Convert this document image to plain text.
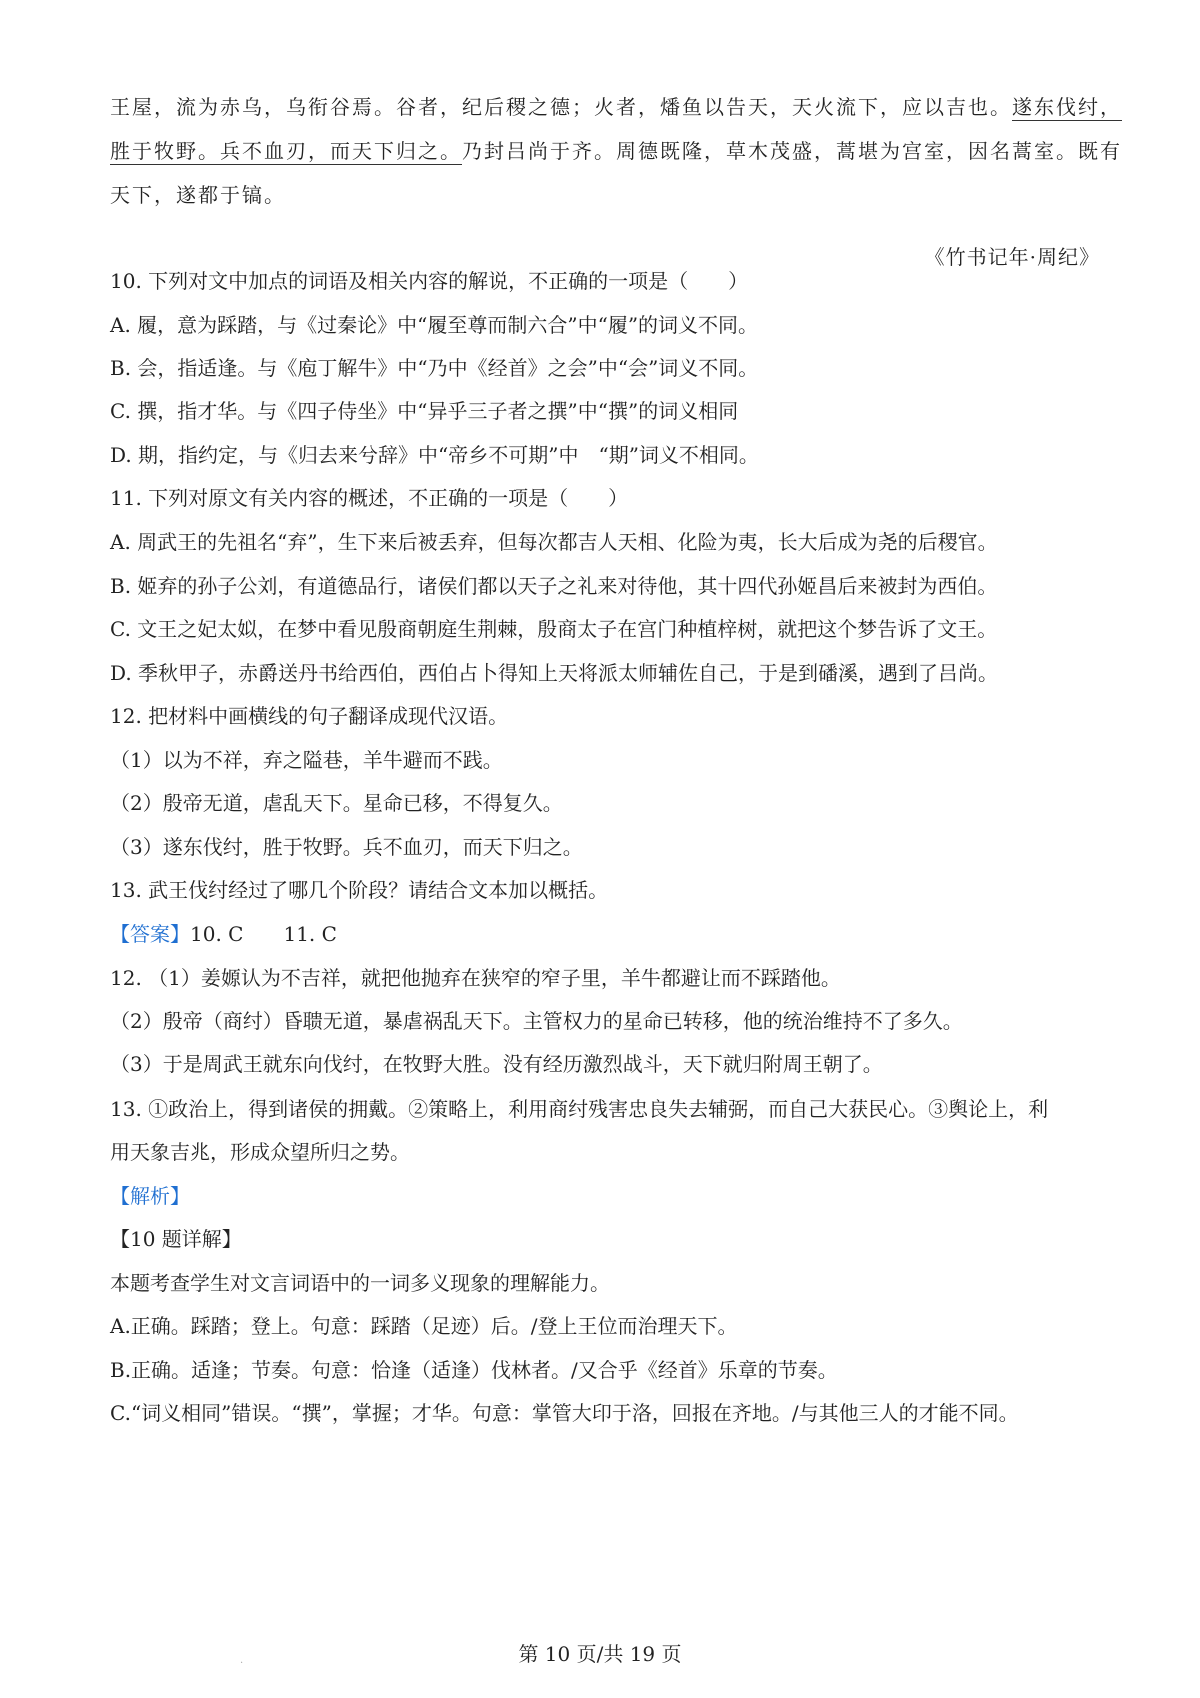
王屋，流为赤乌，乌衔谷焉。谷者，纪后稷之德；火者，燔鱼以告天，天火流下，应以吉也。遂东伐纣，
胜于牧野。兵不血刃，而天下归之。乃封吕尚于齐。周德既隆，草木茂盛，蒿堪为宫室，因名蒿室。既有
天下，遂都于镐。
《竹书记年·周纪》
10. 下列对文中加点的词语及相关内容的解说，不正确的一项是（　　）
A. 履，意为踩踏，与《过秦论》中“履至尊而制六合”中“履”的词义不同。
B. 会，指适逢。与《庖丁解牛》中“乃中《经首》之会”中“会”词义不同。
C. 撰，指才华。与《四子侍坐》中“异乎三子者之撰”中“撰”的词义相同
D. 期，指约定，与《归去来兮辞》中“帝乡不可期”中　“期”词义不相同。
11. 下列对原文有关内容的概述，不正确的一项是（　　）
A. 周武王的先祖名“弃”，生下来后被丢弃，但每次都吉人天相、化险为夷，长大后成为尧的后稷官。
B. 姬弃的孙子公刘，有道德品行，诸侯们都以天子之礼来对待他，其十四代孙姬昌后来被封为西伯。
C. 文王之妃太姒，在梦中看见殷商朝庭生荆棘，殷商太子在宫门种植梓树，就把这个梦告诉了文王。
D. 季秋甲子，赤爵送丹书给西伯，西伯占卜得知上天将派太师辅佐自己，于是到磻溪，遇到了吕尚。
12. 把材料中画横线的句子翻译成现代汉语。
（1）以为不祥，弃之隘巷，羊牛避而不践。
（2）殷帝无道，虐乱天下。星命已移，不得复久。
（3）遂东伐纣，胜于牧野。兵不血刃，而天下归之。
13. 武王伐纣经过了哪几个阶段？请结合文本加以概括。
【答案】10. C　　11. C
12. （1）姜嫄认为不吉祥，就把他抛弃在狭窄的窄子里，羊牛都避让而不踩踏他。
（2）殷帝（商纣）昏聩无道，暴虐祸乱天下。主管权力的星命已转移，他的统治维持不了多久。
（3）于是周武王就东向伐纣，在牧野大胜。没有经历激烈战斗，天下就归附周王朝了。
13. ①政治上，得到诸侯的拥戴。②策略上，利用商纣残害忠良失去辅弼，而自己大获民心。③舆论上，利
用天象吉兆，形成众望所归之势。
【解析】
【10 题详解】
本题考查学生对文言词语中的一词多义现象的理解能力。
A.正确。踩踏；登上。句意：踩踏（足迹）后。/登上王位而治理天下。
B.正确。适逢；节奏。句意：恰逢（适逢）伐林者。/又合乎《经首》乐章的节奏。
C.“词义相同”错误。“撰”，掌握；才华。句意：掌管大印于洛，回报在齐地。/与其他三人的才能不同。
.	第 10 页/共 19 页
